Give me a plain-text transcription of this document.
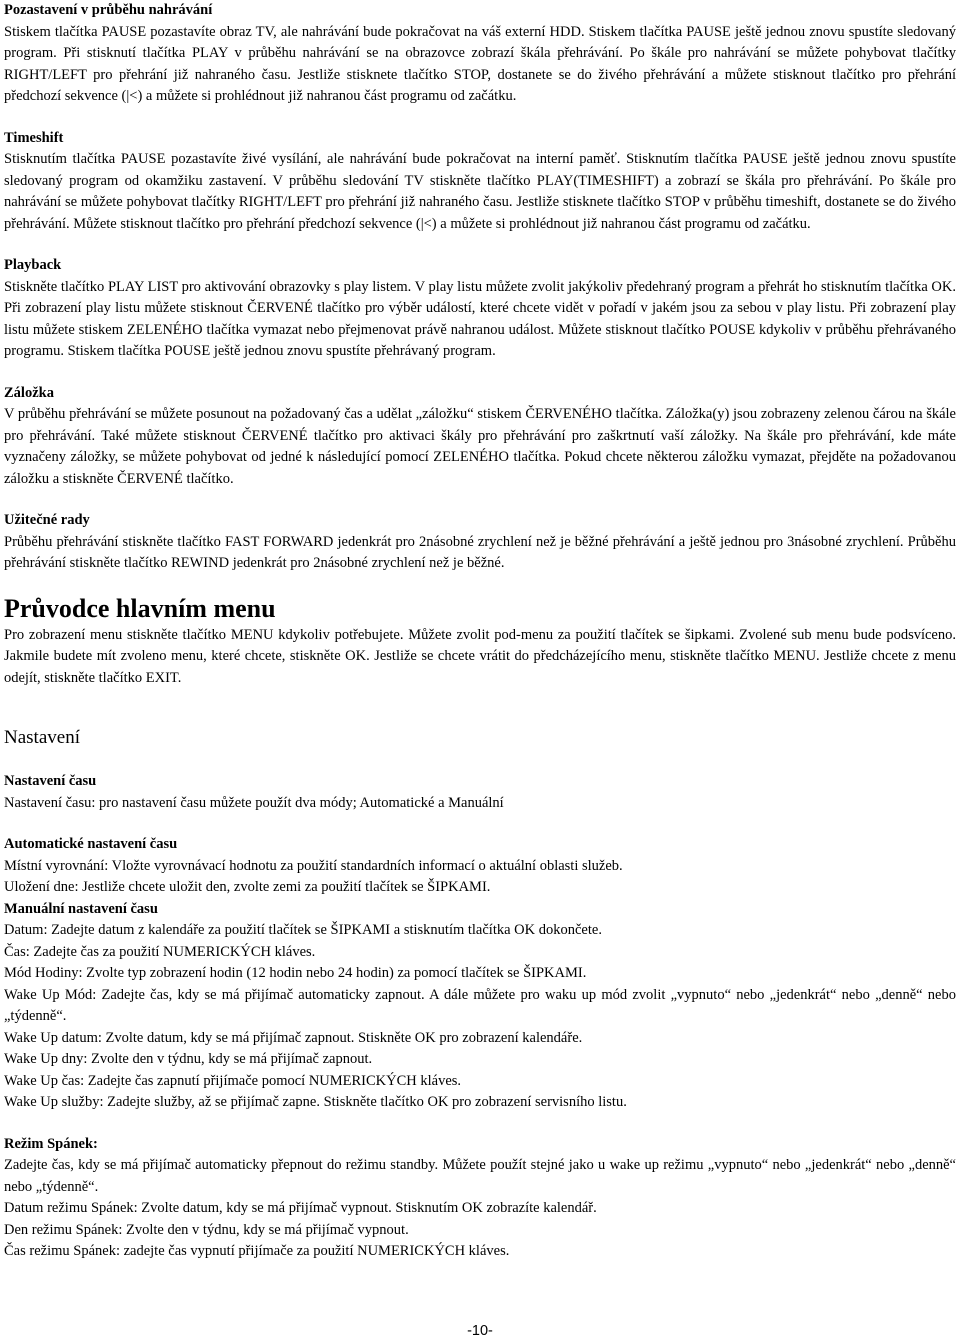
Pozastavení v průběhu nahrávání

Stiskem tlačítka PAUSE pozastavíte obraz TV, ale nahrávání bude pokračovat na váš externí HDD. Stiskem tlačítka PAUSE ještě jednou znovu spustíte sledovaný program. Při stisknutí tlačítka PLAY v průběhu nahrávání se na obrazovce zobrazí škála přehrávání. Po škále pro nahrávání se můžete pohybovat tlačítky RIGHT/LEFT pro přehrání již nahraného času. Jestliže stisknete tlačítko STOP, dostanete se do živého přehrávání a můžete stisknout tlačítko pro přehrání předchozí sekvence (|<) a můžete si prohlédnout již nahranou část programu od začátku.

Timeshift

Stisknutím tlačítka PAUSE pozastavíte živé vysílání, ale nahrávání bude pokračovat na interní paměť. Stisknutím tlačítka PAUSE ještě jednou znovu spustíte sledovaný program od okamžiku zastavení. V průběhu sledování TV stiskněte tlačítko PLAY(TIMESHIFT) a zobrazí se škála pro přehrávání. Po škále pro nahrávání se můžete pohybovat tlačítky RIGHT/LEFT pro přehrání již nahraného času. Jestliže stisknete tlačítko STOP v průběhu timeshift, dostanete se do živého přehrávání. Můžete stisknout tlačítko pro přehrání předchozí sekvence (|<) a můžete si prohlédnout již nahranou část programu od začátku.

Playback

Stiskněte tlačítko PLAY LIST pro aktivování obrazovky s play listem. V play listu můžete zvolit jakýkoliv předehraný program a přehrát ho stisknutím tlačítka OK. Při zobrazení play listu můžete stisknout ČERVENÉ tlačítko pro výběr událostí, které chcete vidět v pořadí v jakém jsou za sebou v play listu. Při zobrazení play listu můžete stiskem ZELENÉHO tlačítka vymazat nebo přejmenovat právě nahranou událost. Můžete stisknout tlačítko POUSE kdykoliv v průběhu přehrávaného programu. Stiskem tlačítka POUSE ještě jednou znovu spustíte přehrávaný program.

Záložka

V průběhu přehrávání se můžete posunout na požadovaný čas a udělat „záložku“ stiskem ČERVENÉHO tlačítka. Záložka(y) jsou zobrazeny zelenou čárou na škále pro přehrávání. Také můžete stisknout ČERVENÉ tlačítko pro aktivaci škály pro přehrávání pro zaškrtnutí vaší záložky. Na škále pro přehrávání, kde máte vyznačeny záložky, se můžete pohybovat od jedné k následující pomocí ZELENÉHO tlačítka. Pokud chcete některou záložku vymazat, přejděte na požadovanou záložku a stiskněte ČERVENÉ tlačítko.

Užitečné rady

Průběhu přehrávání stiskněte tlačítko FAST FORWARD jedenkrát pro 2násobné zrychlení než je běžné přehrávání a ještě jednou pro 3násobné zrychlení. Průběhu přehrávání stiskněte tlačítko REWIND jedenkrát pro 2násobné zrychlení než je běžné.

Průvodce hlavním menu

Pro zobrazení menu stiskněte tlačítko MENU kdykoliv potřebujete. Můžete zvolit pod-menu za použití tlačítek se šipkami. Zvolené sub menu bude podsvíceno. Jakmile budete mít zvoleno menu, které chcete, stiskněte OK. Jestliže se chcete vrátit do předcházejícího menu, stiskněte tlačítko MENU. Jestliže chcete z menu odejít, stiskněte tlačítko EXIT.

Nastavení

Nastavení času

Nastavení času: pro nastavení času můžete použít dva módy; Automatické a Manuální

Automatické nastavení času

Místní vyrovnání: Vložte vyrovnávací hodnotu za použití standardních informací o aktuální oblasti služeb.

Uložení dne: Jestliže chcete uložit den, zvolte zemi za použití tlačítek se ŠIPKAMI.

Manuální nastavení času

Datum: Zadejte datum z kalendáře za použití tlačítek se ŠIPKAMI a stisknutím tlačítka OK dokončete.

Čas: Zadejte čas za použití NUMERICKÝCH kláves.

Mód Hodiny: Zvolte typ zobrazení hodin (12 hodin nebo 24 hodin) za pomocí tlačítek se ŠIPKAMI.

Wake Up Mód: Zadejte čas, kdy se má přijímač automaticky zapnout. A dále můžete pro waku up mód zvolit „vypnuto“ nebo „jedenkrát“ nebo „denně“ nebo „týdenně“.

Wake Up datum: Zvolte datum, kdy se má přijímač zapnout. Stiskněte OK pro zobrazení kalendáře.

Wake Up dny: Zvolte den v týdnu, kdy se má přijímač zapnout.

Wake Up čas: Zadejte čas zapnutí přijímače pomocí NUMERICKÝCH kláves.

Wake Up služby: Zadejte služby, až se přijímač zapne. Stiskněte tlačítko OK pro zobrazení servisního listu.

Režim Spánek:

Zadejte čas, kdy se má přijímač automaticky přepnout do režimu standby. Můžete použít stejné jako u wake up režimu „vypnuto“ nebo „jedenkrát“ nebo „denně“ nebo „týdenně“.

Datum režimu Spánek: Zvolte datum, kdy se má přijímač vypnout. Stisknutím OK zobrazíte kalendář.

Den režimu Spánek: Zvolte den v týdnu, kdy se má přijímač vypnout.

Čas režimu Spánek: zadejte čas vypnutí přijímače za použití NUMERICKÝCH kláves.

-10-
